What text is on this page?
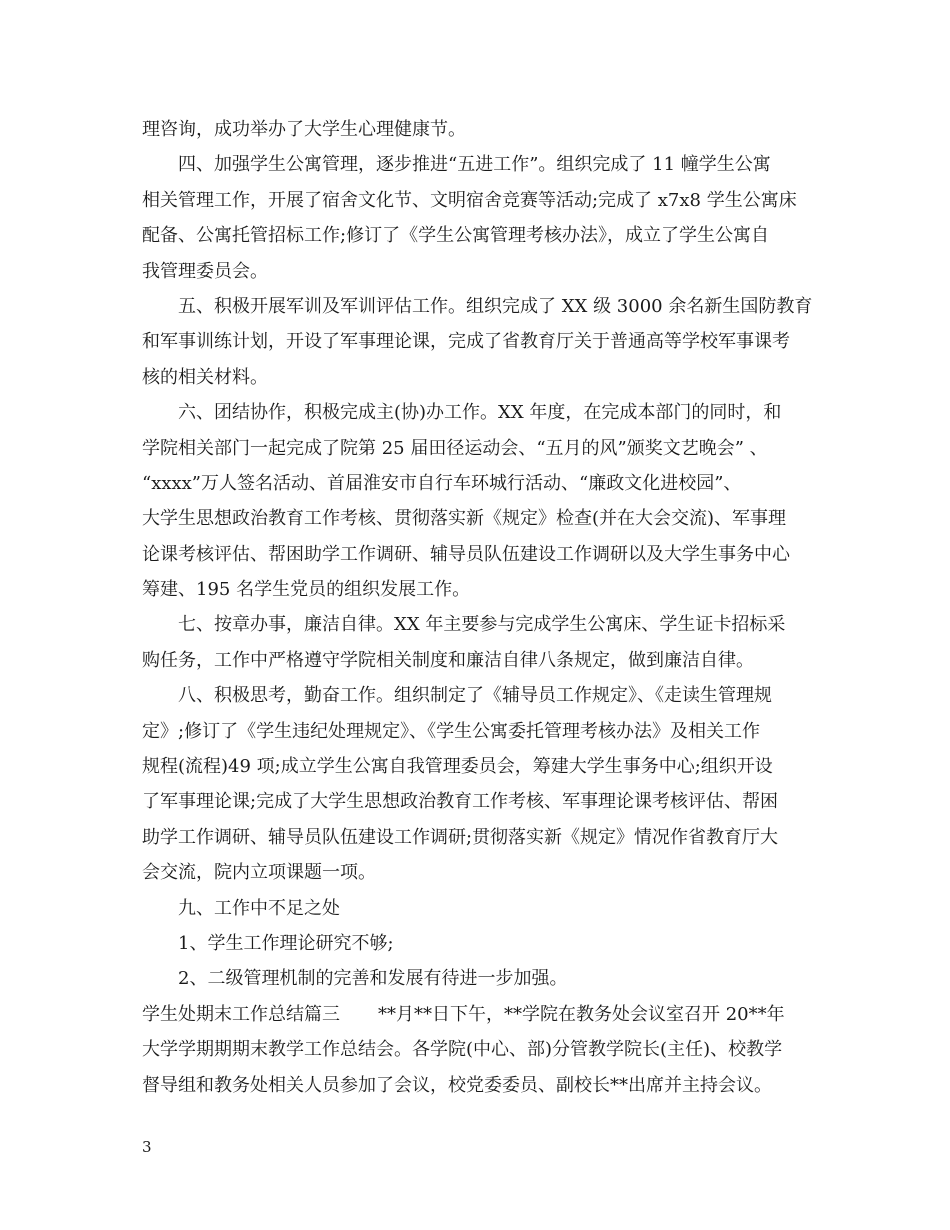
理咨询，成功举办了大学生心理健康节。
四、加强学生公寓管理，逐步推进“五进工作”。组织完成了 11 幢学生公寓
相关管理工作，开展了宿舍文化节、文明宿舍竞赛等活动;完成了 x7x8 学生公寓床
配备、公寓托管招标工作;修订了《学生公寓管理考核办法》，成立了学生公寓自
我管理委员会。
五、积极开展军训及军训评估工作。组织完成了 XX 级 3000 余名新生国防教育
和军事训练计划，开设了军事理论课，完成了省教育厅关于普通高等学校军事课考
核的相关材料。
六、团结协作，积极完成主(协)办工作。XX 年度，在完成本部门的同时，和
学院相关部门一起完成了院第 25 届田径运动会、“五月的风”颁奖文艺晚会” 、
“xxxx”万人签名活动、首届淮安市自行车环城行活动、“廉政文化进校园”、
大学生思想政治教育工作考核、贯彻落实新《规定》检查(并在大会交流)、军事理
论课考核评估、帮困助学工作调研、辅导员队伍建设工作调研以及大学生事务中心
筹建、195 名学生党员的组织发展工作。
七、按章办事，廉洁自律。XX 年主要参与完成学生公寓床、学生证卡招标采
购任务，工作中严格遵守学院相关制度和廉洁自律八条规定，做到廉洁自律。
八、积极思考，勤奋工作。组织制定了《辅导员工作规定》、《走读生管理规
定》;修订了《学生违纪处理规定》、《学生公寓委托管理考核办法》及相关工作
规程(流程)49 项;成立学生公寓自我管理委员会，筹建大学生事务中心;组织开设
了军事理论课;完成了大学生思想政治教育工作考核、军事理论课考核评估、帮困
助学工作调研、辅导员队伍建设工作调研;贯彻落实新《规定》情况作省教育厅大
会交流，院内立项课题一项。
九、工作中不足之处
1、学生工作理论研究不够;
2、二级管理机制的完善和发展有待进一步加强。
学生处期末工作总结篇三 **月**日下午，**学院在教务处会议室召开 20**年
大学学期期期末教学工作总结会。各学院(中心、部)分管教学院长(主任)、校教学
督导组和教务处相关人员参加了会议，校党委委员、副校长**出席并主持会议。
3
